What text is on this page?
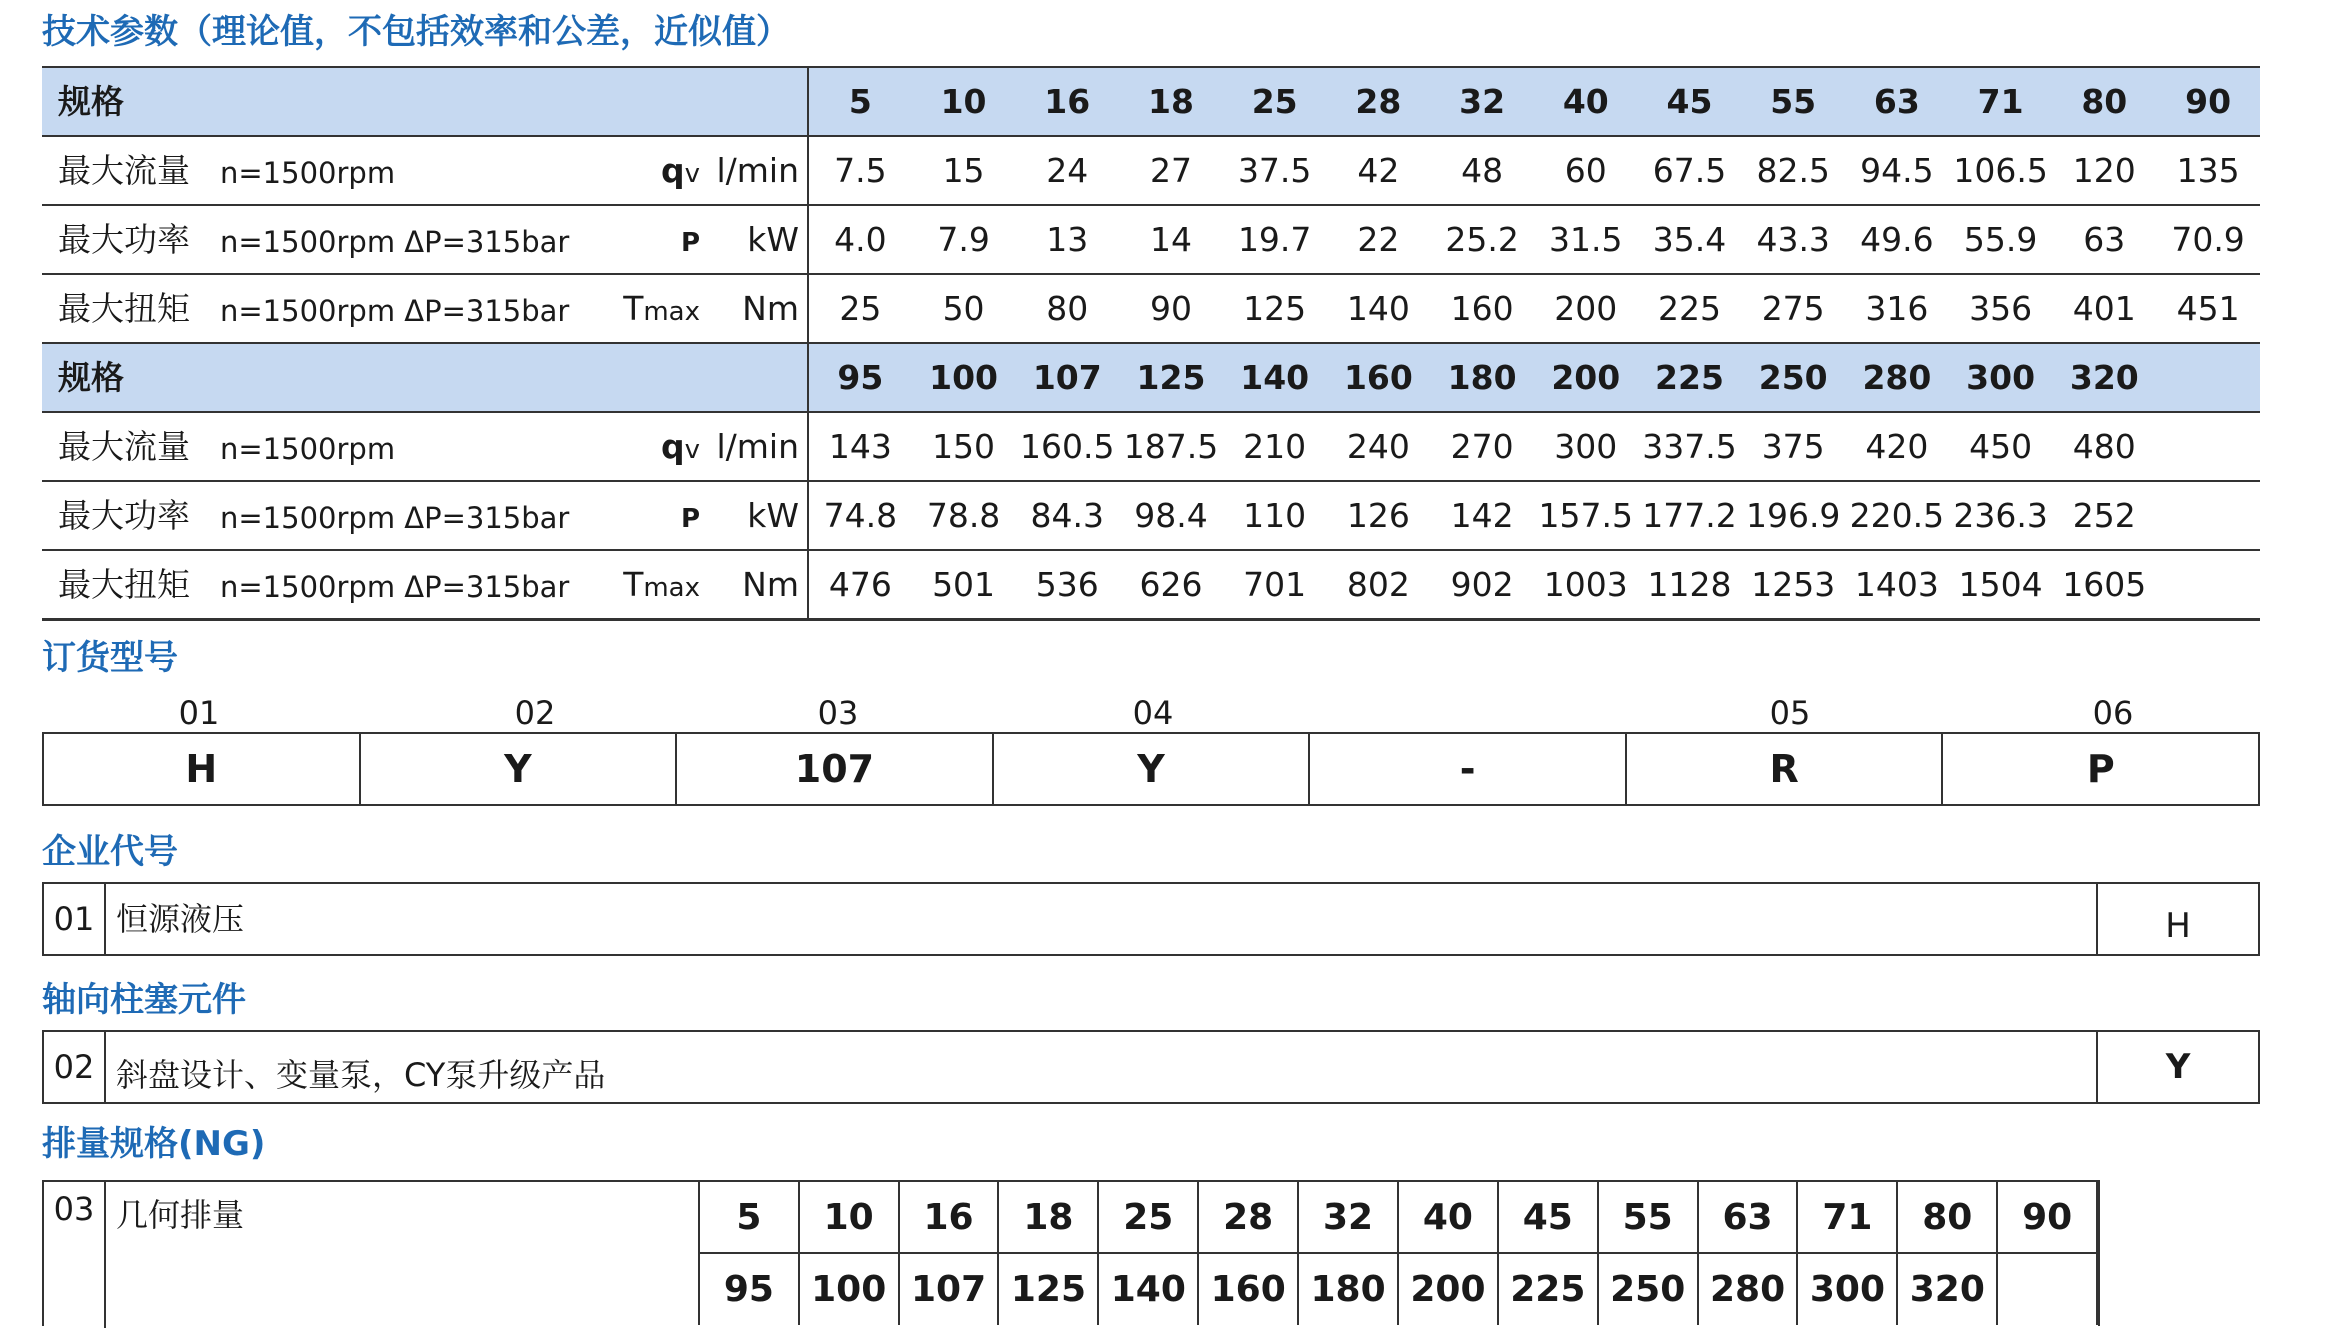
技术参数（理论值，不包括效率和公差，近似值）
规格				5	10	16	18	25	28	32	40	45	55	63	71	80	90
最大流量	n=1500rpm	qv	l/min	7.5	15	24	27	37.5	42	48	60	67.5	82.5	94.5	106.5	120	135
最大功率	n=1500rpm ΔP=315bar	P	kW	4.0	7.9	13	14	19.7	22	25.2	31.5	35.4	43.3	49.6	55.9	63	70.9
最大扭矩	n=1500rpm ΔP=315bar	Tmax	Nm	25	50	80	90	125	140	160	200	225	275	316	356	401	451
规格				95	100	107	125	140	160	180	200	225	250	280	300	320	
最大流量	n=1500rpm	qv	l/min	143	150	160.5	187.5	210	240	270	300	337.5	375	420	450	480	
最大功率	n=1500rpm ΔP=315bar	P	kW	74.8	78.8	84.3	98.4	110	126	142	157.5	177.2	196.9	220.5	236.3	252	
最大扭矩	n=1500rpm ΔP=315bar	Tmax	Nm	476	501	536	626	701	802	902	1003	1128	1253	1403	1504	1605	
订货型号
01	02	03	04	05	06
H	Y	107	Y	-	R	P
企业代号
01 恒源液压	H
轴向柱塞元件
02 斜盘设计、变量泵，CY泵升级产品	Y
排量规格(NG)
03 几何排量	5	10	16	18	25	28	32	40	45	55	63	71	80	90
95	100	107	125	140	160	180	200	225	250	280	300	320	
